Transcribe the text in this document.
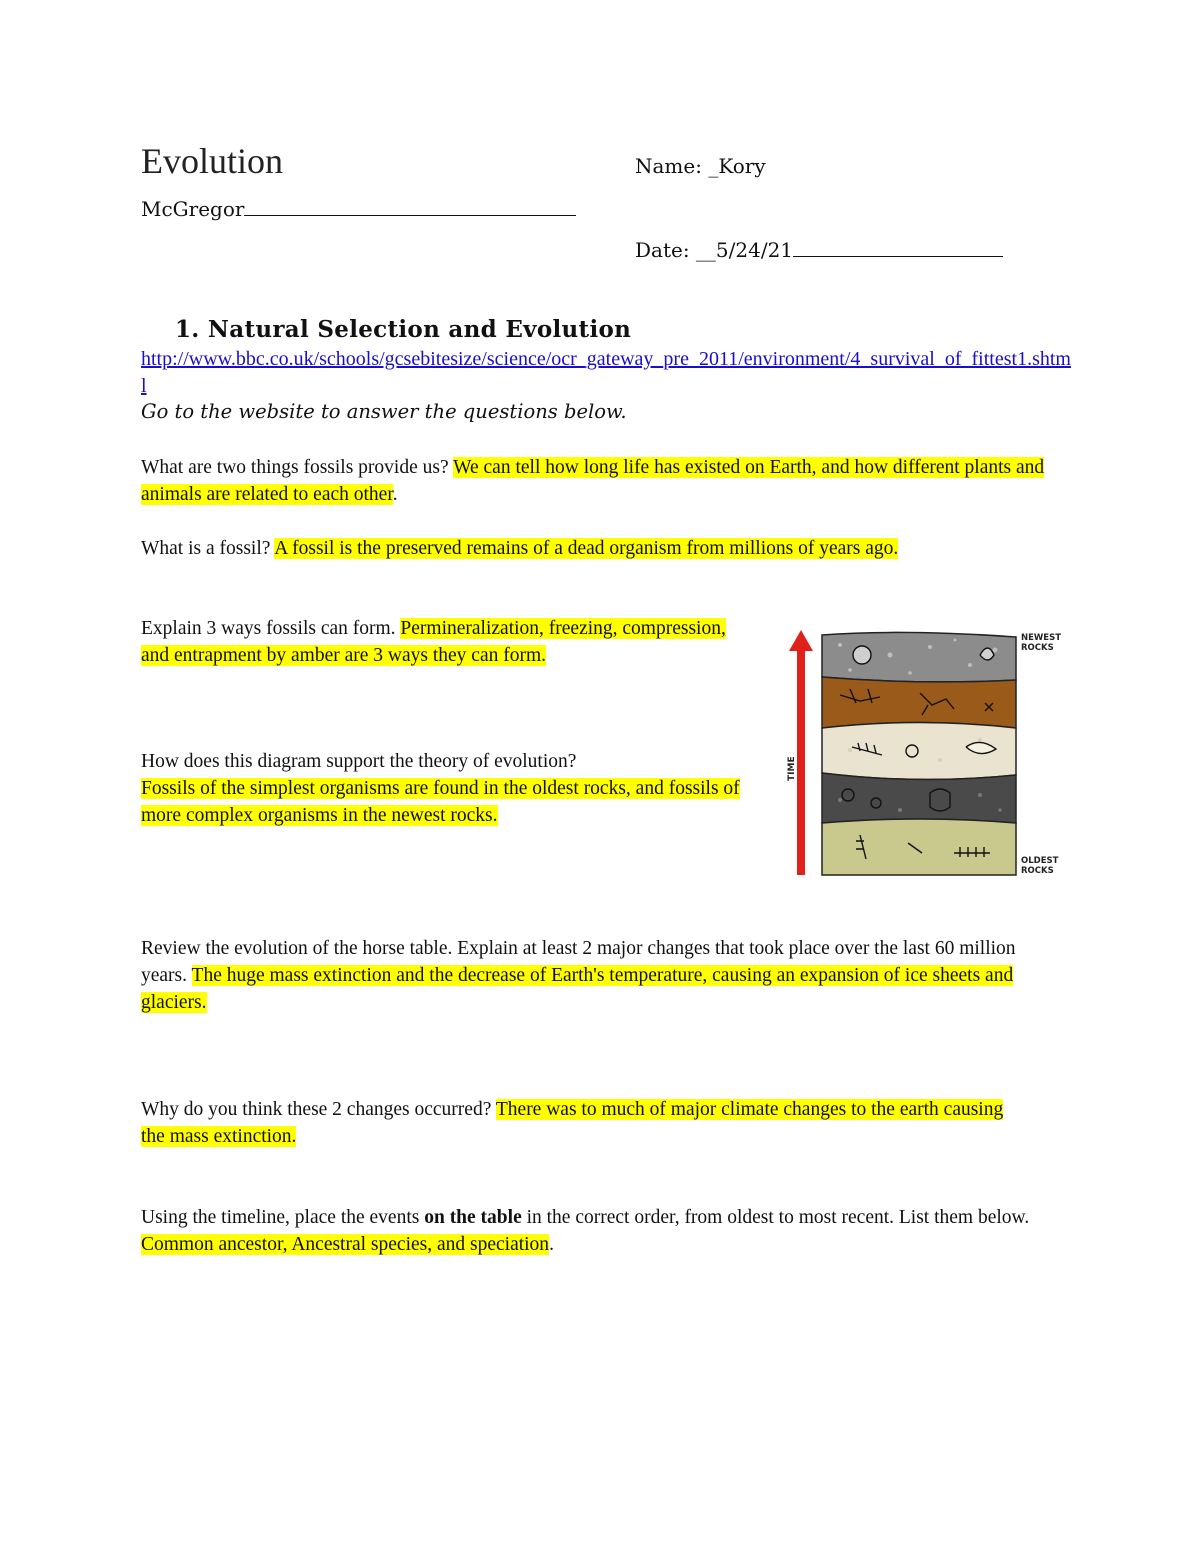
Evolution	Name: _Kory
McGregor
Date: __5/24/21
1. Natural Selection and Evolution
http://www.bbc.co.uk/schools/gcsebitesize/science/ocr_gateway_pre_2011/environment/4_survival_of_fittest1.shtml
Go to the website to answer the questions below.
What are two things fossils provide us? We can tell how long life has existed on Earth, and how different plants and animals are related to each other.
What is a fossil? A fossil is the preserved remains of a dead organism from millions of years ago.
Explain 3 ways fossils can form. Permineralization, freezing, compression, and entrapment by amber are 3 ways they can form.
How does this diagram support the theory of evolution?
Fossils of the simplest organisms are found in the oldest rocks, and fossils of more complex organisms in the newest rocks.
TIME
NEWEST
ROCKS
OLDEST
ROCKS
Review the evolution of the horse table. Explain at least 2 major changes that took place over the last 60 million years. The huge mass extinction and the decrease of Earth's temperature, causing an expansion of ice sheets and glaciers.
Why do you think these 2 changes occurred? There was to much of major climate changes to the earth causing the mass extinction.
Using the timeline, place the events on the table in the correct order, from oldest to most recent. List them below. Common ancestor, Ancestral species, and speciation.
